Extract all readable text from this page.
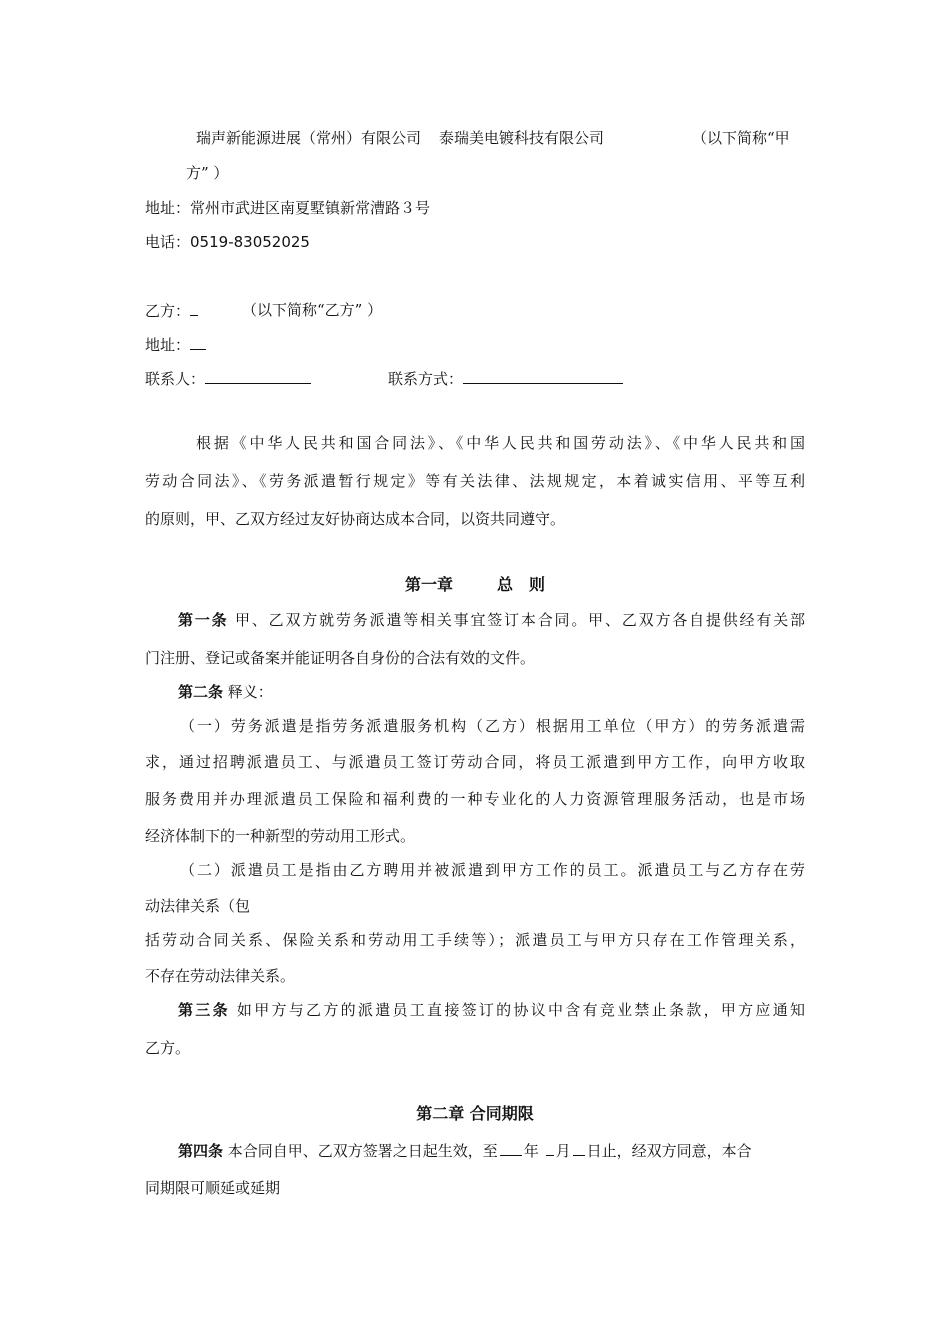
瑞声新能源进展（常州）有限公司 泰瑞美电镀科技有限公司	（以下简称“甲
方” ）
地址：常州市武进区南夏墅镇新常漕路３号
电话：0519-83052025
乙方：	（以下简称“乙方” ）
地址：
联系人：	联系方式：
根据《中华人民共和国合同法》、《中华人民共和国劳动法》、《中华人民共和国
劳动合同法》、《劳务派遣暂行规定》等有关法律、法规规定，本着诚实信用、平等互利
的原则，甲、乙双方经过友好协商达成本合同，以资共同遵守。
第一章	总　则
第一条 甲、乙双方就劳务派遣等相关事宜签订本合同。甲、乙双方各自提供经有关部
门注册、登记或备案并能证明各自身份的合法有效的文件。
第二条 释义：
（一）劳务派遣是指劳务派遣服务机构（乙方）根据用工单位（甲方）的劳务派遣需
求，通过招聘派遣员工、与派遣员工签订劳动合同，将员工派遣到甲方工作，向甲方收取
服务费用并办理派遣员工保险和福利费的一种专业化的人力资源管理服务活动，也是市场
经济体制下的一种新型的劳动用工形式。
（二）派遣员工是指由乙方聘用并被派遣到甲方工作的员工。派遣员工与乙方存在劳
动法律关系（包
括劳动合同关系、保险关系和劳动用工手续等）；派遣员工与甲方只存在工作管理关系，
不存在劳动法律关系。
第三条 如甲方与乙方的派遣员工直接签订的协议中含有竞业禁止条款，甲方应通知
乙方。
第二章 合同期限
第四条 本合同自甲、乙双方签署之日起生效，至 年 月 日止，经双方同意，本合
同期限可顺延或延期
